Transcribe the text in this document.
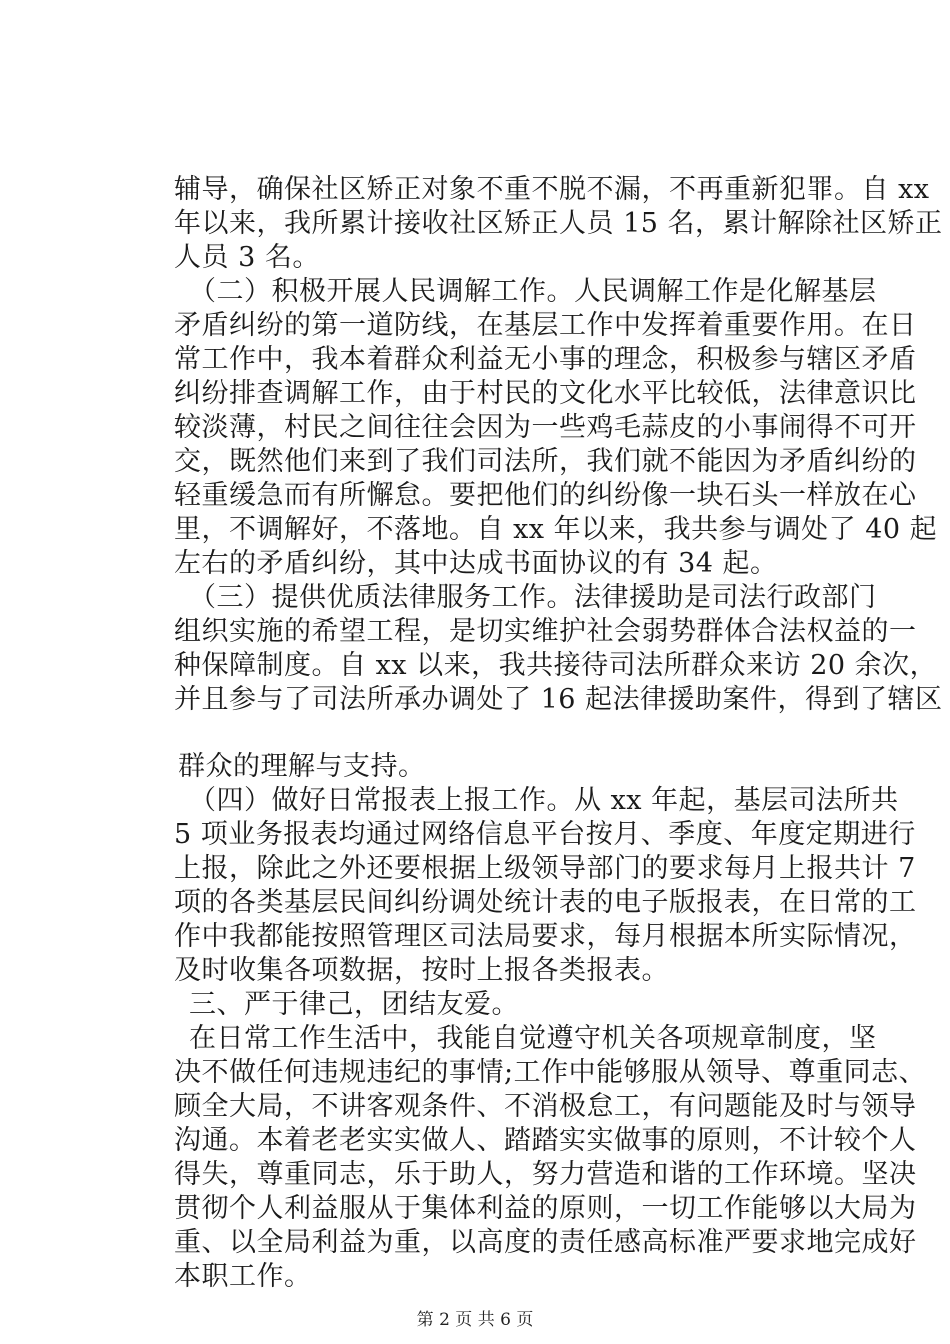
辅导，确保社区矫正对象不重不脱不漏，不再重新犯罪。自 xx
年以来，我所累计接收社区矫正人员 15 名，累计解除社区矫正
人员 3 名。
（二）积极开展人民调解工作。人民调解工作是化解基层
矛盾纠纷的第一道防线，在基层工作中发挥着重要作用。在日
常工作中，我本着群众利益无小事的理念，积极参与辖区矛盾
纠纷排查调解工作，由于村民的文化水平比较低，法律意识比
较淡薄，村民之间往往会因为一些鸡毛蒜皮的小事闹得不可开
交，既然他们来到了我们司法所，我们就不能因为矛盾纠纷的
轻重缓急而有所懈怠。要把他们的纠纷像一块石头一样放在心
里，不调解好，不落地。自 xx 年以来，我共参与调处了 40 起
左右的矛盾纠纷，其中达成书面协议的有 34 起。
（三）提供优质法律服务工作。法律援助是司法行政部门
组织实施的希望工程，是切实维护社会弱势群体合法权益的一
种保障制度。自 xx 以来，我共接待司法所群众来访 20 余次，
并且参与了司法所承办调处了 16 起法律援助案件，得到了辖区
群众的理解与支持。
（四）做好日常报表上报工作。从 xx 年起，基层司法所共
5 项业务报表均通过网络信息平台按月、季度、年度定期进行
上报，除此之外还要根据上级领导部门的要求每月上报共计 7
项的各类基层民间纠纷调处统计表的电子版报表，在日常的工
作中我都能按照管理区司法局要求，每月根据本所实际情况，
及时收集各项数据，按时上报各类报表。
三、严于律己，团结友爱。
在日常工作生活中，我能自觉遵守机关各项规章制度，坚
决不做任何违规违纪的事情;工作中能够服从领导、尊重同志、
顾全大局，不讲客观条件、不消极怠工，有问题能及时与领导
沟通。本着老老实实做人、踏踏实实做事的原则，不计较个人
得失，尊重同志，乐于助人，努力营造和谐的工作环境。坚决
贯彻个人利益服从于集体利益的原则，一切工作能够以大局为
重、以全局利益为重，以高度的责任感高标准严要求地完成好
本职工作。
第 2 页 共 6 页
